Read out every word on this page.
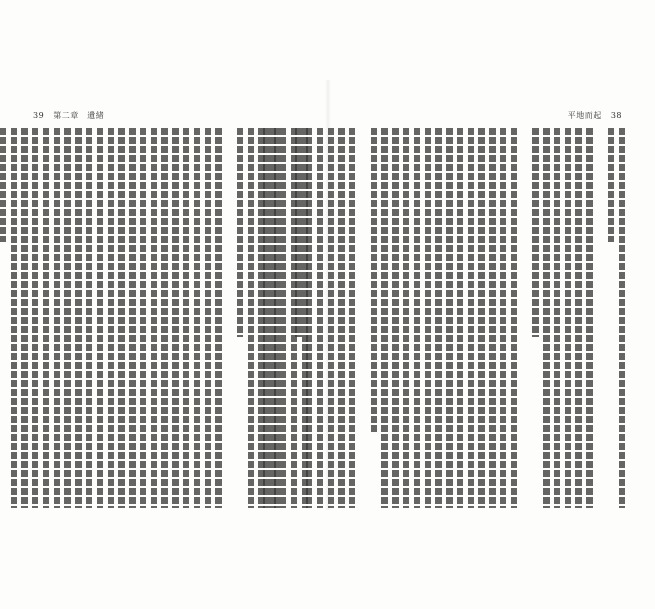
39 第二章　遺緒	平地而起 38
